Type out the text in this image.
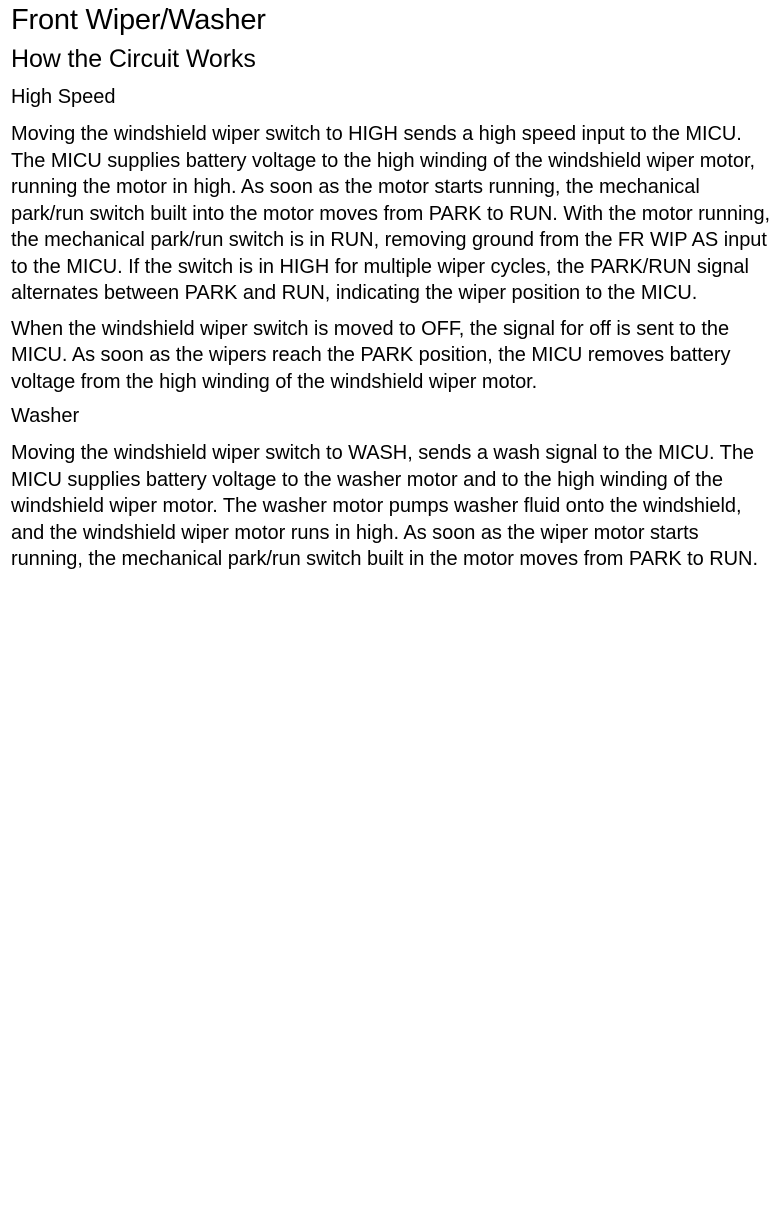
Front Wiper/Washer
How the Circuit Works
High Speed

Moving the windshield wiper switch to HIGH sends a high speed input to the MICU. The MICU supplies battery voltage to the high winding of the windshield wiper motor, running the motor in high. As soon as the motor starts running, the mechanical park/run switch built into the motor moves from PARK to RUN. With the motor running, the mechanical park/run switch is in RUN, removing ground from the FR WIP AS input to the MICU. If the switch is in HIGH for multiple wiper cycles, the PARK/RUN signal alternates between PARK and RUN, indicating the wiper position to the MICU.

When the windshield wiper switch is moved to OFF, the signal for off is sent to the MICU. As soon as the wipers reach the PARK position, the MICU removes battery voltage from the high winding of the windshield wiper motor.

Washer

Moving the windshield wiper switch to WASH, sends a wash signal to the MICU. The MICU supplies battery voltage to the washer motor and to the high winding of the windshield wiper motor. The washer motor pumps washer fluid onto the windshield, and the windshield wiper motor runs in high. As soon as the wiper motor starts running, the mechanical park/run switch built in the motor moves from PARK to RUN.
